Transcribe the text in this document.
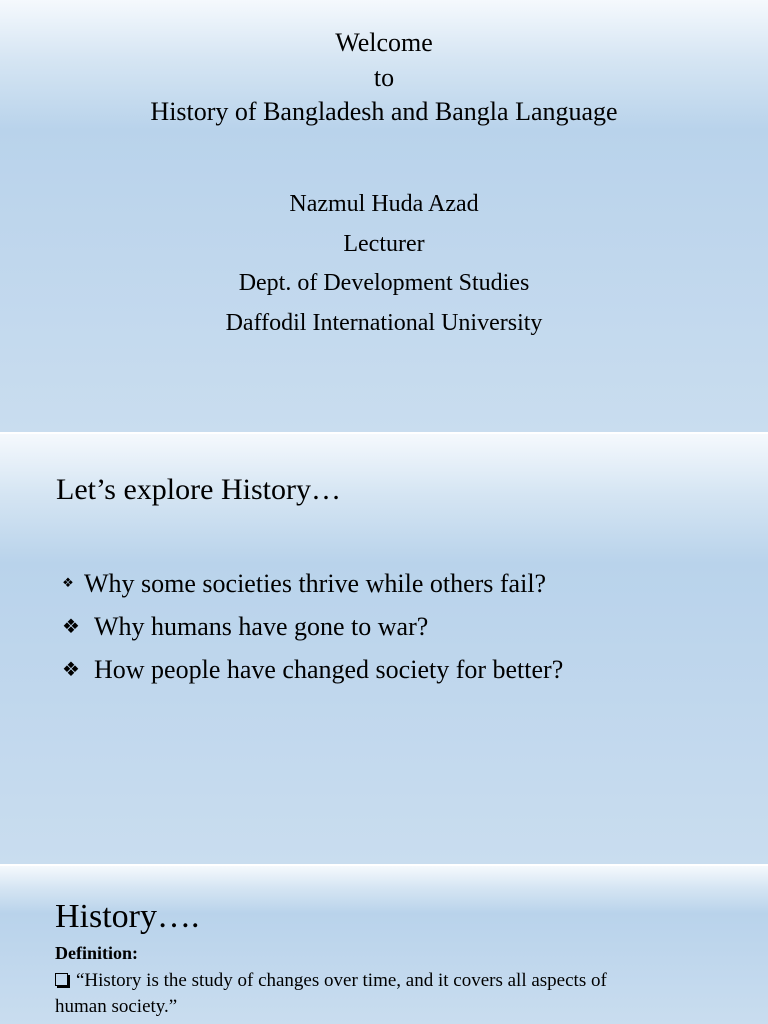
Welcome
to
History of Bangladesh and Bangla Language
Nazmul Huda Azad
Lecturer
Dept. of Development Studies
Daffodil International University
Let’s explore History…
❖ Why some societies thrive while others fail?
❖ Why humans have gone to war?
❖ How people have changed society for better?
History….
Definition:
“History is the study of changes over time, and it covers all aspects of
human society.”
